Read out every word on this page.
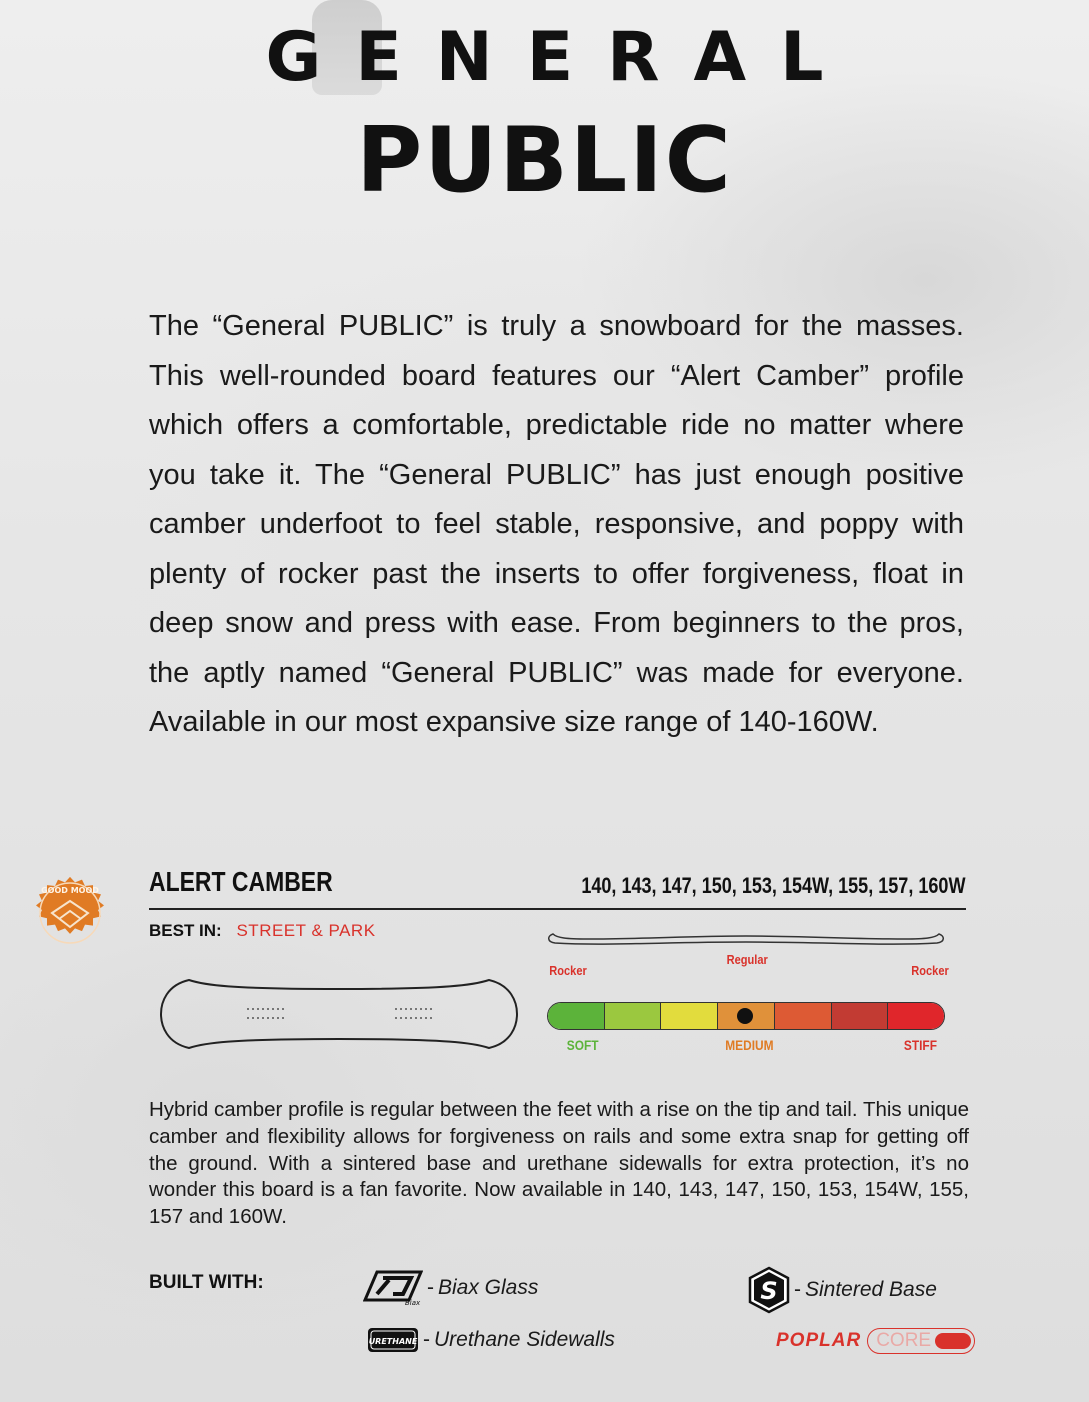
GENERAL
PUBLIC

The “General PUBLIC” is truly a snowboard for the masses. This well-rounded board features our “Alert Camber” profile which offers a comfortable, predictable ride no matter where you take it. The “General PUBLIC” has just enough positive camber underfoot to feel stable, responsive, and poppy with plenty of rocker past the inserts to offer forgiveness, float in deep snow and press with ease. From beginners to the pros, the aptly named “General PUBLIC” was made for everyone. Available in our most expansive size range of 140-160W.

GOOD MOOD ALERT CAMBER	140, 143, 147, 150, 153, 154W, 155, 157, 160W
BEST IN: STREET & PARK
Rocker
Regular
Rocker
SOFT	MEDIUM	STIFF

Hybrid camber profile is regular between the feet with a rise on the tip and tail. This unique camber and flexibility allows for forgiveness on rails and some extra snap for getting off the ground. With a sintered base and urethane sidewalls for extra protection, it’s no wonder this board is a fan favorite. Now available in 140, 143, 147, 150, 153, 154W, 155, 157 and 160W.

BUILT WITH:
Biax
- Biax Glass
URETHANE - Urethane Sidewalls
S - Sintered Base
POPLAR CORE
